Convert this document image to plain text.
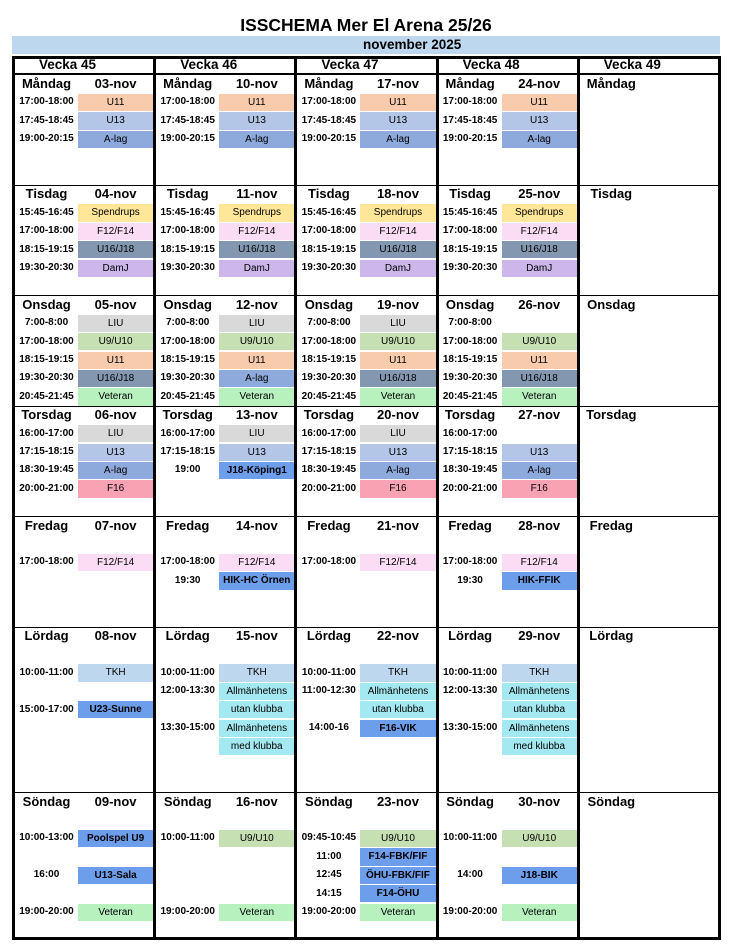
ISSCHEMA Mer El Arena 25/26
november 2025
Vecka 45
Måndag	03-nov
17:00-18:00	U11
17:45-18:45	U13
19:00-20:15	A-lag
Tisdag	04-nov
15:45-16:45	Spendrups
17:00-18:00	F12/F14
18:15-19:15	U16/J18
19:30-20:30	DamJ
Onsdag	05-nov
7:00-8:00	LIU
17:00-18:00	U9/U10
18:15-19:15	U11
19:30-20:30	U16/J18
20:45-21:45	Veteran
Torsdag	06-nov
16:00-17:00	LIU
17:15-18:15	U13
18:30-19:45	A-lag
20:00-21:00	F16
Fredag	07-nov
17:00-18:00	F12/F14
Lördag	08-nov
10:00-11:00	TKH
15:00-17:00	U23-Sunne
Söndag	09-nov
10:00-13:00	Poolspel U9
16:00	U13-Sala
19:00-20:00	Veteran
Vecka 46
Måndag	10-nov
17:00-18:00	U11
17:45-18:45	U13
19:00-20:15	A-lag
Tisdag	11-nov
15:45-16:45	Spendrups
17:00-18:00	F12/F14
18:15-19:15	U16/J18
19:30-20:30	DamJ
Onsdag	12-nov
7:00-8:00	LIU
17:00-18:00	U9/U10
18:15-19:15	U11
19:30-20:30	A-lag
20:45-21:45	Veteran
Torsdag	13-nov
16:00-17:00	LIU
17:15-18:15	U13
19:00	J18-Köping1
Fredag	14-nov
17:00-18:00	F12/F14
19:30	HIK-HC Örnen
Lördag	15-nov
10:00-11:00	TKH
12:00-13:30	Allmänhetens
utan klubba
13:30-15:00	Allmänhetens
med klubba
Söndag	16-nov
10:00-11:00	U9/U10
19:00-20:00	Veteran
Vecka 47
Måndag	17-nov
17:00-18:00	U11
17:45-18:45	U13
19:00-20:15	A-lag
Tisdag	18-nov
15:45-16:45	Spendrups
17:00-18:00	F12/F14
18:15-19:15	U16/J18
19:30-20:30	DamJ
Onsdag	19-nov
7:00-8:00	LIU
17:00-18:00	U9/U10
18:15-19:15	U11
19:30-20:30	U16/J18
20:45-21:45	Veteran
Torsdag	20-nov
16:00-17:00	LIU
17:15-18:15	U13
18:30-19:45	A-lag
20:00-21:00	F16
Fredag	21-nov
17:00-18:00	F12/F14
Lördag	22-nov
10:00-11:00	TKH
11:00-12:30	Allmänhetens
utan klubba
14:00-16	F16-VIK
Söndag	23-nov
09:45-10:45	U9/U10
11:00	F14-FBK/FIF
12:45	ÖHU-FBK/FIF
14:15	F14-ÖHU
19:00-20:00	Veteran
Vecka 48
Måndag	24-nov
17:00-18:00	U11
17:45-18:45	U13
19:00-20:15	A-lag
Tisdag	25-nov
15:45-16:45	Spendrups
17:00-18:00	F12/F14
18:15-19:15	U16/J18
19:30-20:30	DamJ
Onsdag	26-nov
7:00-8:00
17:00-18:00	U9/U10
18:15-19:15	U11
19:30-20:30	U16/J18
20:45-21:45	Veteran
Torsdag	27-nov
16:00-17:00
17:15-18:15	U13
18:30-19:45	A-lag
20:00-21:00	F16
Fredag	28-nov
17:00-18:00	F12/F14
19:30	HIK-FFIK
Lördag	29-nov
10:00-11:00	TKH
12:00-13:30	Allmänhetens
utan klubba
13:30-15:00	Allmänhetens
med klubba
Söndag	30-nov
10:00-11:00	U9/U10
14:00	J18-BIK
19:00-20:00	Veteran
Vecka 49
Måndag
Tisdag
Onsdag
Torsdag
Fredag
Lördag
Söndag
